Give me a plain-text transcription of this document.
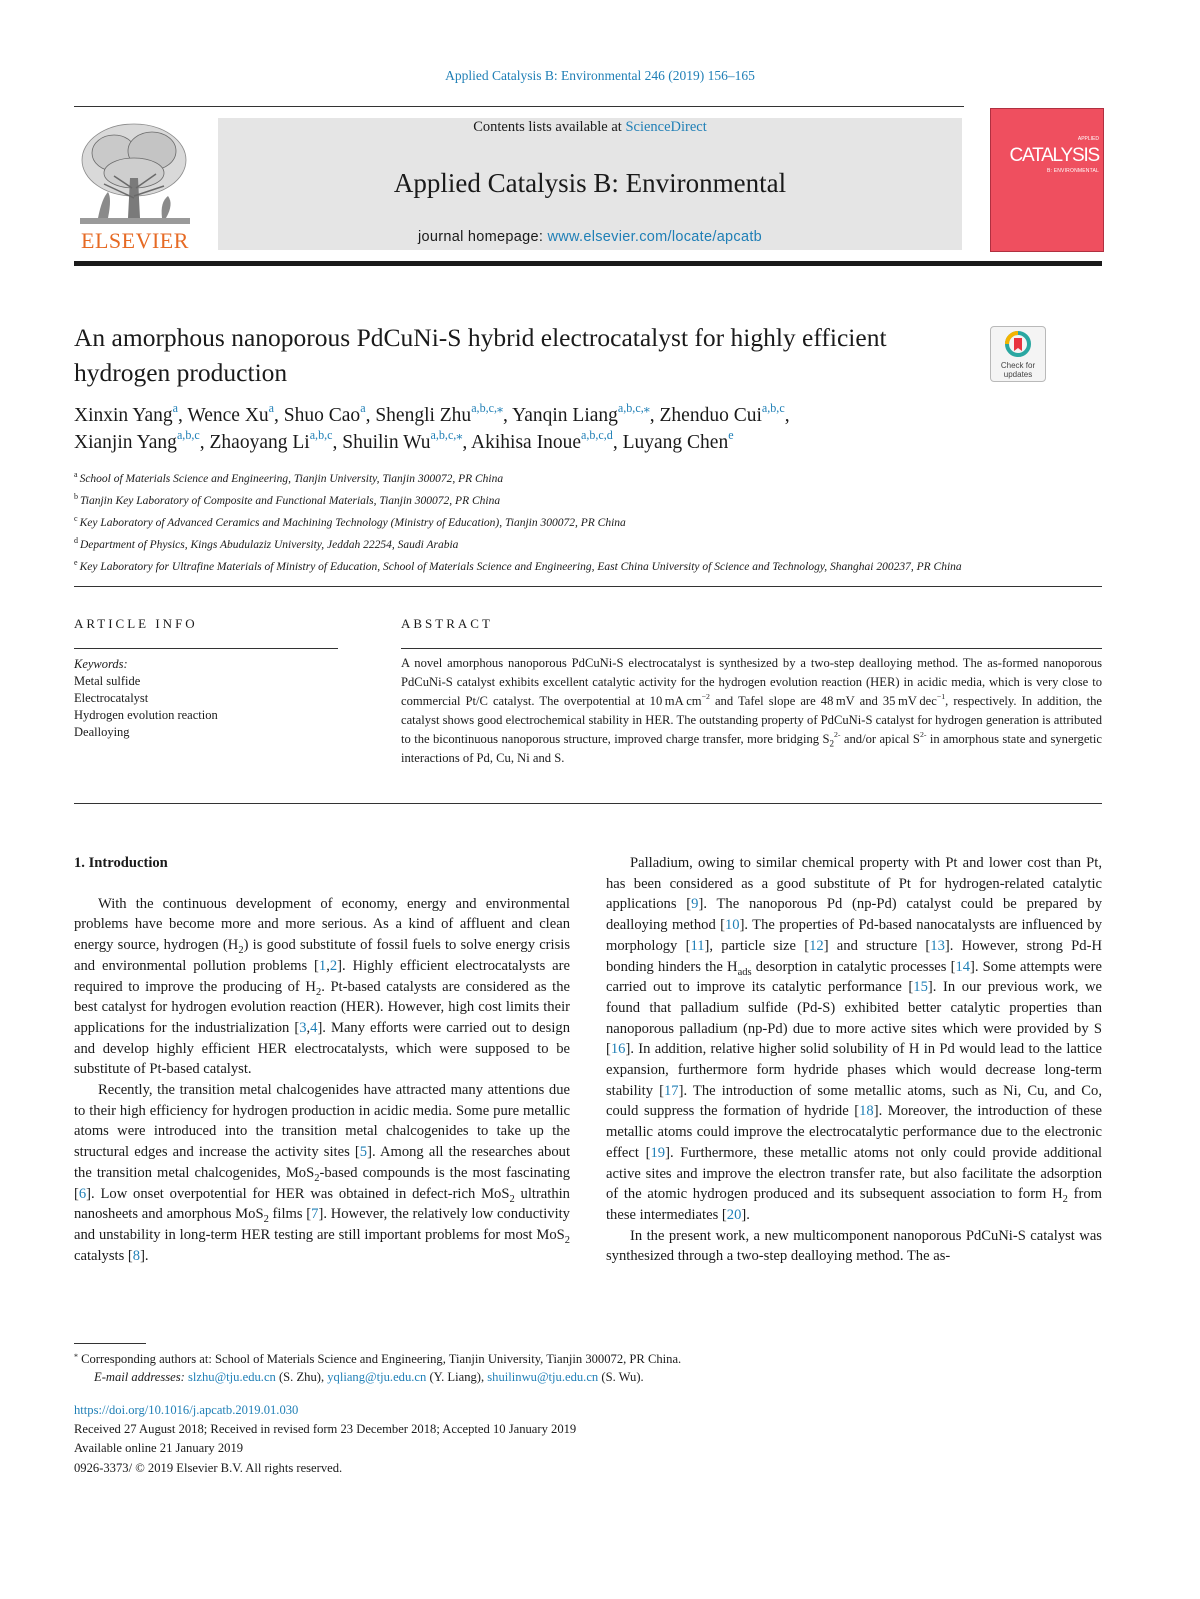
Applied Catalysis B: Environmental 246 (2019) 156–165
ELSEVIER
Contents lists available at ScienceDirect
Applied Catalysis B: Environmental
journal homepage: www.elsevier.com/locate/apcatb
APPLIED
CATALYSIS
B: ENVIRONMENTAL
An amorphous nanoporous PdCuNi-S hybrid electrocatalyst for highly efficient hydrogen production	Check for updates
Xinxin Yang$^a$, Wence Xu$^a$, Shuo Cao$^a$, Shengli Zhu$^{a,b,c,⁎}$, Yanqin Liang$^{a,b,c,⁎}$, Zhenduo Cui$^{a,b,c}$,
Xianjin Yang$^{a,b,c}$, Zhaoyang Li$^{a,b,c}$, Shuilin $Wu^{a,b,c,⁎}$, Akihisa Inoue$^{a,b,c,d}$, Luyang Chen$^e$
$^a$ School of Materials Science and Engineering, Tianjin University, Tianjin 300072, PR China
$^b$ Tianjin Key Laboratory of Composite and Functional Materials, Tianjin 300072, PR China
$^c$ Key Laboratory of Advanced Ceramics and Machining Technology (Ministry of Education), Tianjin 300072, PR China
$^d$ Department of Physics, Kings Abudulaziz University, Jeddah 22254, Saudi Arabia
$^e$ Key Laboratory for Ultrafine Materials of Ministry of Education, School of Materials Science and Engineering, East China University of Science and Technology, Shanghai 200237, PR China
ARTICLE INFO	ABSTRACT
Keywords:
Metal sulfide
Electrocatalyst
Hydrogen evolution reaction
Dealloying
A novel amorphous nanoporous PdCuNi-S electrocatalyst is synthesized by a two-step dealloying method. The as-formed nanoporous PdCuNi-S catalyst exhibits excellent catalytic activity for the hydrogen evolution reaction (HER) in acidic media, which is very close to commercial Pt/C catalyst. The overpotential at 10 mA $cm^{-2}$ and Tafel slope are 48 mV and 35 mV dec$^{-1}$, respectively. In addition, the catalyst shows good electrochemical stability in HER. The outstanding property of PdCuNi-S catalyst for hydrogen generation is attributed to the bicontinuous nanoporous structure, improved charge transfer, more bridging $S_2^{2-}$ and/or apical $S^{2-}$ in amorphous state and synergetic interactions of Pd, Cu, Ni and S.

1. Introduction

With the continuous development of economy, energy and environmental problems have become more and more serious. As a kind of affluent and clean energy source, hydrogen $(H_2)$ is good substitute of fossil fuels to solve energy crisis and environmental pollution problems [1,2]. Highly efficient electrocatalysts are required to improve the producing of $H_2$. Pt-based catalysts are considered as the best catalyst for hydrogen evolution reaction (HER). However, high cost limits their applications for the industrialization [3,4]. Many efforts were carried out to design and develop highly efficient HER electrocatalysts, which were supposed to be substitute of Pt-based catalyst.

Recently, the transition metal chalcogenides have attracted many attentions due to their high efficiency for hydrogen production in acidic media. Some pure metallic atoms were introduced into the transition metal chalcogenides to take up the structural edges and increase the activity sites [5]. Among all the researches about the transition metal chalcogenides, MoS$_2$-based compounds is the most fascinating [6]. Low onset overpotential for HER was obtained in defect-rich MoS$_2$ ultrathin nanosheets and amorphous MoS$_2$ films [7]. However, the relatively low conductivity and unstability in long-term HER testing are still important problems for most MoS$_2$ catalysts [8].

Palladium, owing to similar chemical property with Pt and lower cost than Pt, has been considered as a good substitute of Pt for hydrogen-related catalytic applications [9]. The nanoporous Pd (np-Pd) catalyst could be prepared by dealloying method [10]. The properties of Pd-based nanocatalysts are influenced by morphology [11], particle size [12] and structure [13]. However, strong Pd-H bonding hinders the $H_{ads}$ desorption in catalytic processes [14]. Some attempts were carried out to improve its catalytic performance [15]. In our previous work, we found that palladium sulfide (Pd-S) exhibited better catalytic properties than nanoporous palladium (np-Pd) due to more active sites which were provided by S [16]. In addition, relative higher solid solubility of H in Pd would lead to the lattice expansion, furthermore form hydride phases which would decrease long-term stability [17]. The introduction of some metallic atoms, such as Ni, Cu, and Co, could suppress the formation of hydride [18]. Moreover, the introduction of these metallic atoms could improve the electrocatalytic performance due to the electronic effect [19]. Furthermore, these metallic atoms not only could provide additional active sites and improve the electron transfer rate, but also facilitate the adsorption of the atomic hydrogen produced and its subsequent association to form $H_2$ from these intermediates [20].

In the present work, a new multicomponent nanoporous PdCuNi-S catalyst was synthesized through a two-step dealloying method. The as-

⁎ Corresponding authors at: School of Materials Science and Engineering, Tianjin University, Tianjin 300072, PR China.
E-mail addresses: slzhu@tju.edu.cn (S. Zhu), yqliang@tju.edu.cn (Y. Liang), shuilinwu@tju.edu.cn (S. Wu).
https://doi.org/10.1016/j.apcatb.2019.01.030
Received 27 August 2018; Received in revised form 23 December 2018; Accepted 10 January 2019
Available online 21 January 2019
0926-3373/ © 2019 Elsevier B.V. All rights reserved.
